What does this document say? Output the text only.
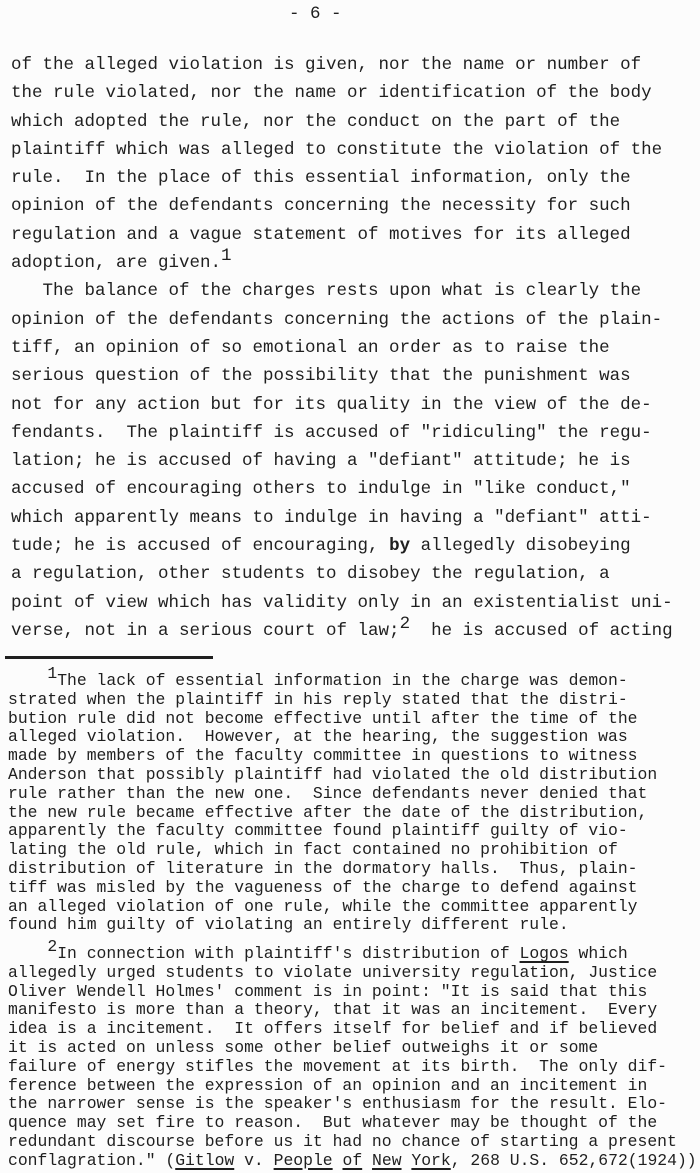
- 6 -
of the alleged violation is given, nor the name or number of
the rule violated, nor the name or identification of the body
which adopted the rule, nor the conduct on the part of the
plaintiff which was alleged to constitute the violation of the
rule.  In the place of this essential information, only the
opinion of the defendants concerning the necessity for such
regulation and a vague statement of motives for its alleged
adoption, are given.1
The balance of the charges rests upon what is clearly the
opinion of the defendants concerning the actions of the plain-
tiff, an opinion of so emotional an order as to raise the
serious question of the possibility that the punishment was
not for any action but for its quality in the view of the de-
fendants.  The plaintiff is accused of "ridiculing" the regu-
lation; he is accused of having a "defiant" attitude; he is
accused of encouraging others to indulge in "like conduct,"
which apparently means to indulge in having a "defiant" atti-
tude; he is accused of encouraging, by allegedly disobeying
a regulation, other students to disobey the regulation, a
point of view which has validity only in an existentialist uni-
verse, not in a serious court of law;2  he is accused of acting
1The lack of essential information in the charge was demon-
strated when the plaintiff in his reply stated that the distri-
bution rule did not become effective until after the time of the
alleged violation.  However, at the hearing, the suggestion was
made by members of the faculty committee in questions to witness
Anderson that possibly plaintiff had violated the old distribution
rule rather than the new one.  Since defendants never denied that
the new rule became effective after the date of the distribution,
apparently the faculty committee found plaintiff guilty of vio-
lating the old rule, which in fact contained no prohibition of
distribution of literature in the dormatory halls.  Thus, plain-
tiff was misled by the vagueness of the charge to defend against
an alleged violation of one rule, while the committee apparently
found him guilty of violating an entirely different rule.
2In connection with plaintiff's distribution of Logos which
allegedly urged students to violate university regulation, Justice
Oliver Wendell Holmes' comment is in point: "It is said that this
manifesto is more than a theory, that it was an incitement.  Every
idea is a incitement.  It offers itself for belief and if believed
it is acted on unless some other belief outweighs it or some
failure of energy stifles the movement at its birth.  The only dif-
ference between the expression of an opinion and an incitement in
the narrower sense is the speaker's enthusiasm for the result. Elo-
quence may set fire to reason.  But whatever may be thought of the
redundant discourse before us it had no chance of starting a present
conflagration." (Gitlow v. People of New York, 268 U.S. 652,672(1924))
